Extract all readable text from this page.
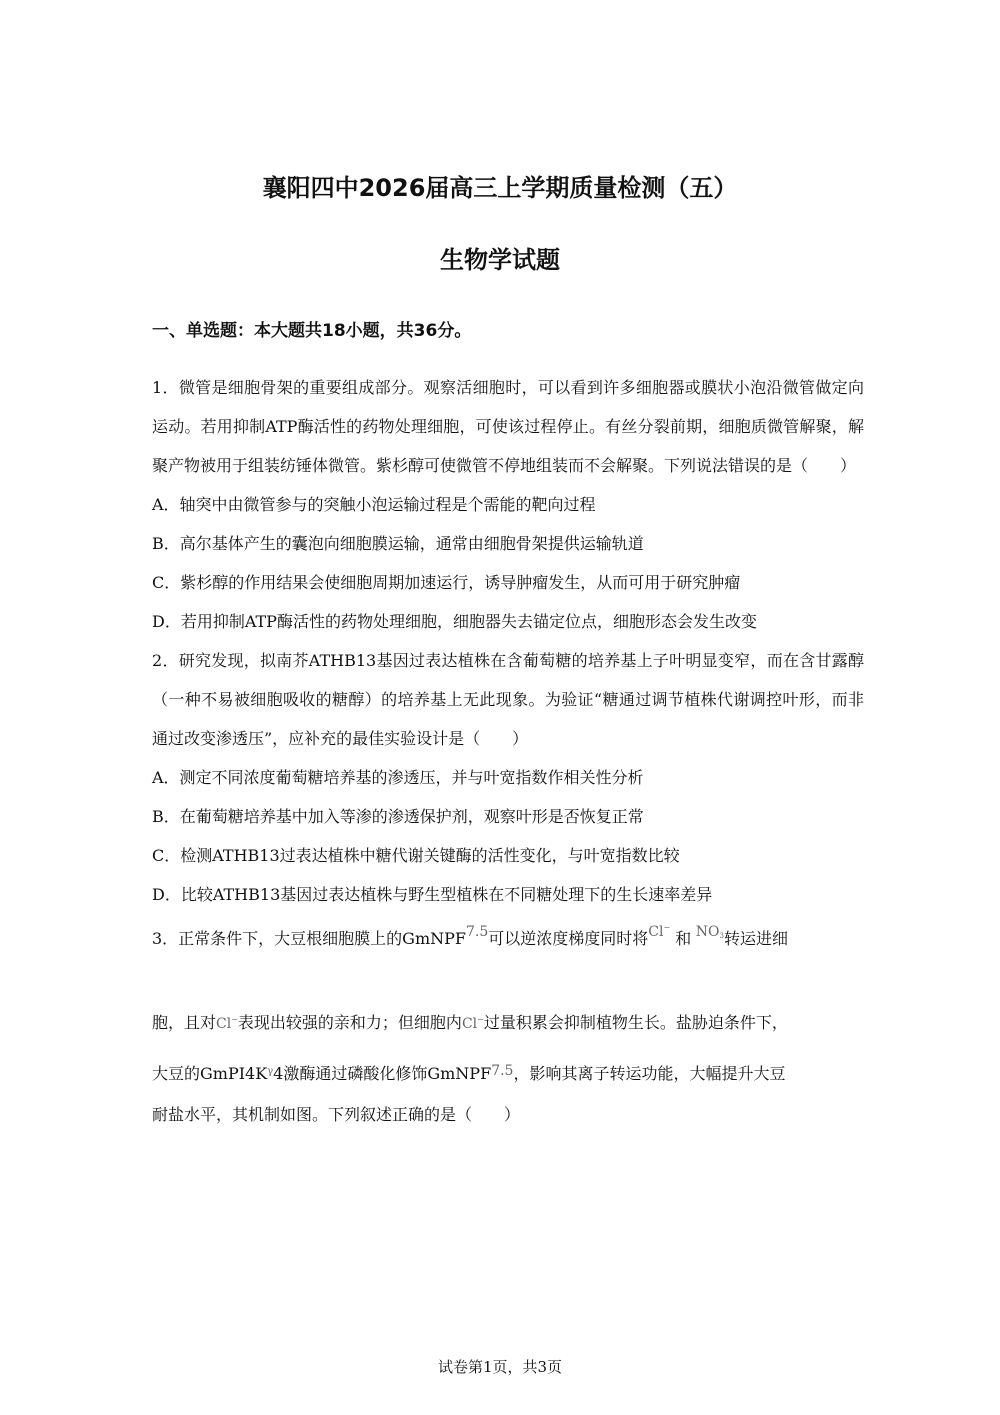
襄阳四中2026届高三上学期质量检测（五）
生物学试题

一、单选题：本大题共18小题，共36分。

1．微管是细胞骨架的重要组成部分。观察活细胞时，可以看到许多细胞器或膜状小泡沿微管做定向运动。若用抑制ATP酶活性的药物处理细胞，可使该过程停止。有丝分裂前期，细胞质微管解聚，解聚产物被用于组装纺锤体微管。紫杉醇可使微管不停地组装而不会解聚。下列说法错误的是（　　）

A．轴突中由微管参与的突触小泡运输过程是个需能的靶向过程

B．高尔基体产生的囊泡向细胞膜运输，通常由细胞骨架提供运输轨道

C．紫杉醇的作用结果会使细胞周期加速运行，诱导肿瘤发生，从而可用于研究肿瘤

D．若用抑制ATP酶活性的药物处理细胞，细胞器失去锚定位点，细胞形态会发生改变

2．研究发现，拟南芥ATHB13基因过表达植株在含葡萄糖的培养基上子叶明显变窄，而在含甘露醇（一种不易被细胞吸收的糖醇）的培养基上无此现象。为验证“糖通过调节植株代谢调控叶形，而非通过改变渗透压”，应补充的最佳实验设计是（　　）

A．测定不同浓度葡萄糖培养基的渗透压，并与叶宽指数作相关性分析

B．在葡萄糖培养基中加入等渗的渗透保护剂，观察叶形是否恢复正常

C．检测ATHB13过表达植株中糖代谢关键酶的活性变化，与叶宽指数比较

D．比较ATHB13基因过表达植株与野生型植株在不同糖处理下的生长速率差异

3．正常条件下，大豆根细胞膜上的GmNPF7.5可以逆浓度梯度同时将Cl− 和 $NO_3$转运进细

胞，且对Cl−表现出较强的亲和力；但细胞内Cl−过量积累会抑制植物生长。盐胁迫条件下，

大豆的$GmPI4K^\gamma 4$激酶通过磷酸化修饰GmNPF7.5，影响其离子转运功能，大幅提升大豆

耐盐水平，其机制如图。下列叙述正确的是（　　）

试卷第1页，共3页
